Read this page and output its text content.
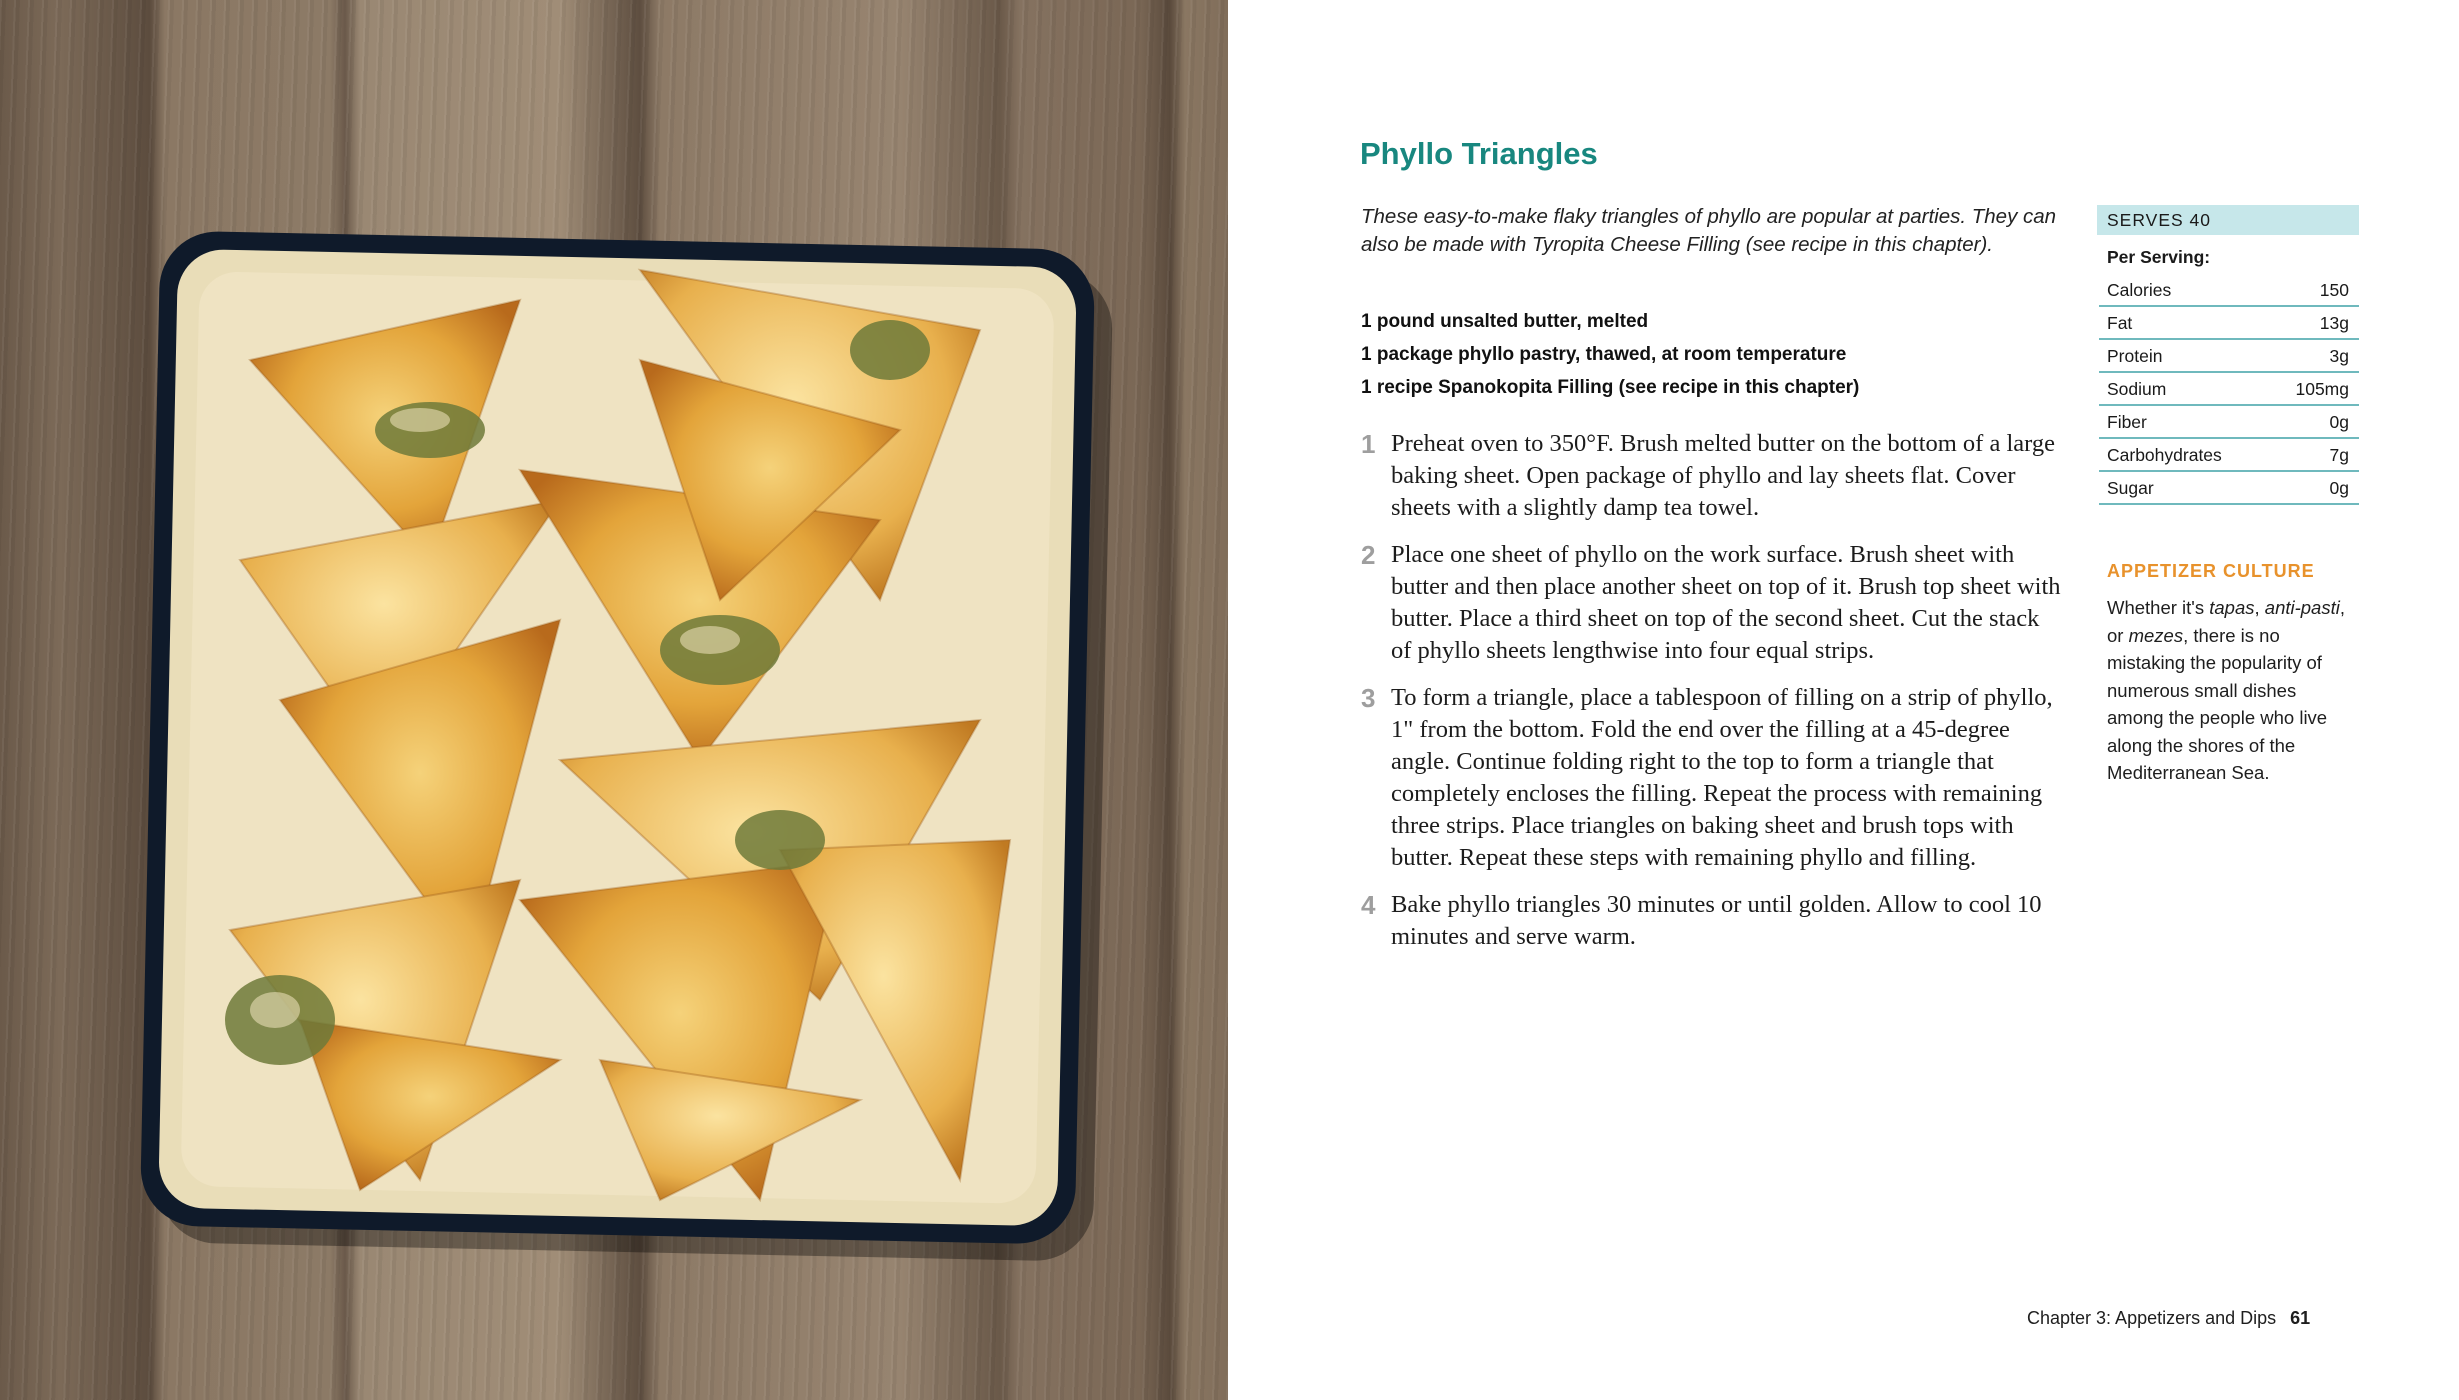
Phyllo Triangles

These easy-to-make flaky triangles of phyllo are popular at parties. They can also be made with Tyropita Cheese Filling (see recipe in this chapter).

1 pound unsalted butter, melted
1 package phyllo pastry, thawed, at room temperature
1 recipe Spanokopita Filling (see recipe in this chapter)
1 Preheat oven to 350°F. Brush melted butter on the bottom of a large baking sheet. Open package of phyllo and lay sheets flat. Cover sheets with a slightly damp tea towel.
2 Place one sheet of phyllo on the work surface. Brush sheet with butter and then place another sheet on top of it. Brush top sheet with butter. Place a third sheet on top of the second sheet. Cut the stack of phyllo sheets lengthwise into four equal strips.
3 To form a triangle, place a tablespoon of filling on a strip of phyllo, 1" from the bottom. Fold the end over the filling at a 45-degree angle. Continue folding right to the top to form a triangle that completely encloses the filling. Repeat the process with remaining three strips. Place triangles on baking sheet and brush tops with butter. Repeat these steps with remaining phyllo and filling.
4 Bake phyllo triangles 30 minutes or until golden. Allow to cool 10 minutes and serve warm.
SERVES 40
Per Serving:
Calories	150
Fat	13g
Protein	3g
Sodium	105mg
Fiber	0g
Carbohydrates	7g
Sugar	0g
APPETIZER CULTURE

Whether it's tapas, anti-pasti, or mezes, there is no mistaking the popularity of numerous small dishes among the people who live along the shores of the Mediterranean Sea.

Chapter 3: Appetizers and Dips 61
